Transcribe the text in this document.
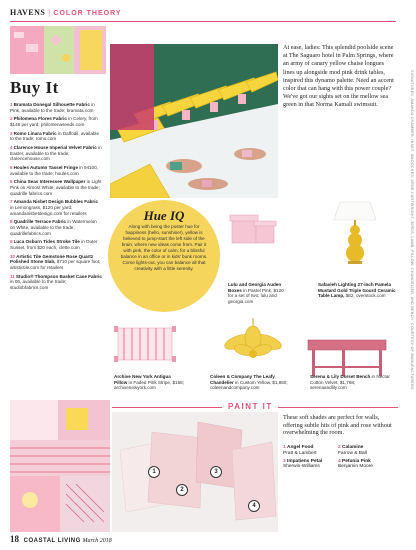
HAVENS | COLOR THEORY
Buy It
1Bramata Donegal Silhouette Fabric in Pink, available to the trade; bramata.com
2Philomena Flores Fabric in Celery, from $148 per yard; philomenaseeds.com
3Romo Linara Fabric in Daffodil, available to the trade; romo.com
4Clarence House Imperial Velvet Fabric in Easter, available to the trade; clarencehouse.com
5Houles Autumn Tassel Fringe in 94100, available to the trade; houles.com
6China Seas Interessee Wallpaper in Light Pink on Almost White, available to the trade; quadrille fabrics.com
7Amanda Nisbet Design Bubbles Fabric in Lemongrass, $120 per yard; amandanisbetdesign.com for retailers
8Quadrille Terrace Fabric in Watermelon on White, available to the trade; quadrillefabrics.com
9Luca Osburn Tides Stroke Tile in Outer Sunset, from $20 each; clette.com
10Artistic Tile Gemstone Rose Quartz Polished Stone Slab, $710 per square foot; artistictile.com for retailers
11Studio® Thompson Basket Case Fabric in 06, available to the trade; studiobfabrics.com
At ease, ladies: This splendid poolside scene at The Saguaro hotel in Palm Springs, where an army of canary yellow chaise longues lines up alongside mod pink drink tables, inspired this dynamo palette. Need an accent color that can hang with this power couple? We've got our sights set on the mellow sea green in that Norma Kamali swimsuit.
Hue IQ
Along with being the poster hue for happiness (hello, sunshine!), yellow is believed to jump-start the left side of the brain, where new ideas come from. Pair it with pink, the color of calm, for a blissful balance in an office or in kids' bunk rooms. Come lights-out, you can balance all that creativity with a little serenity.
Lulu and Georgia Auden Boxes in Pastel Pink, $120 for a set of two; lulu and georgia.com
Safavieh Lighting 27-inch Pamela Mustard Gold Triple Gourd Ceramic Table Lamp, $82; overstock.com
Archive New York Antigua Pillow in Faded Pink Stripe, $168; archivenewyork.com
Coleen & Company The Leafy Chandelier in Custom Yellow, $1,850; coleenandcompany.com
Serena & Lily Dorset Bench in Nectar Cotton Velvet, $1,798; serenaandlily.com
1
2
3
4
PAINT IT
These soft shades are perfect for walls, offering subtle hits of pink and rose without overwhelming the room.
1 Angel Food
Pratt & Lambert2 Calamine
Farrow & Ball3 Impatiens Petal
Sherwin-Williams4 Petunia Pink
Benjamin Moore
18 COASTAL LIVING March 2018
SIGNATURES: AMANDA CHAMBER; INSET: SMOOCHES; ARNE CARTWRIGHT; BIRDS; LAMB; PILLOW; CHANDELIER; AND BENCH: COURTESY OF MANUFACTURERS
